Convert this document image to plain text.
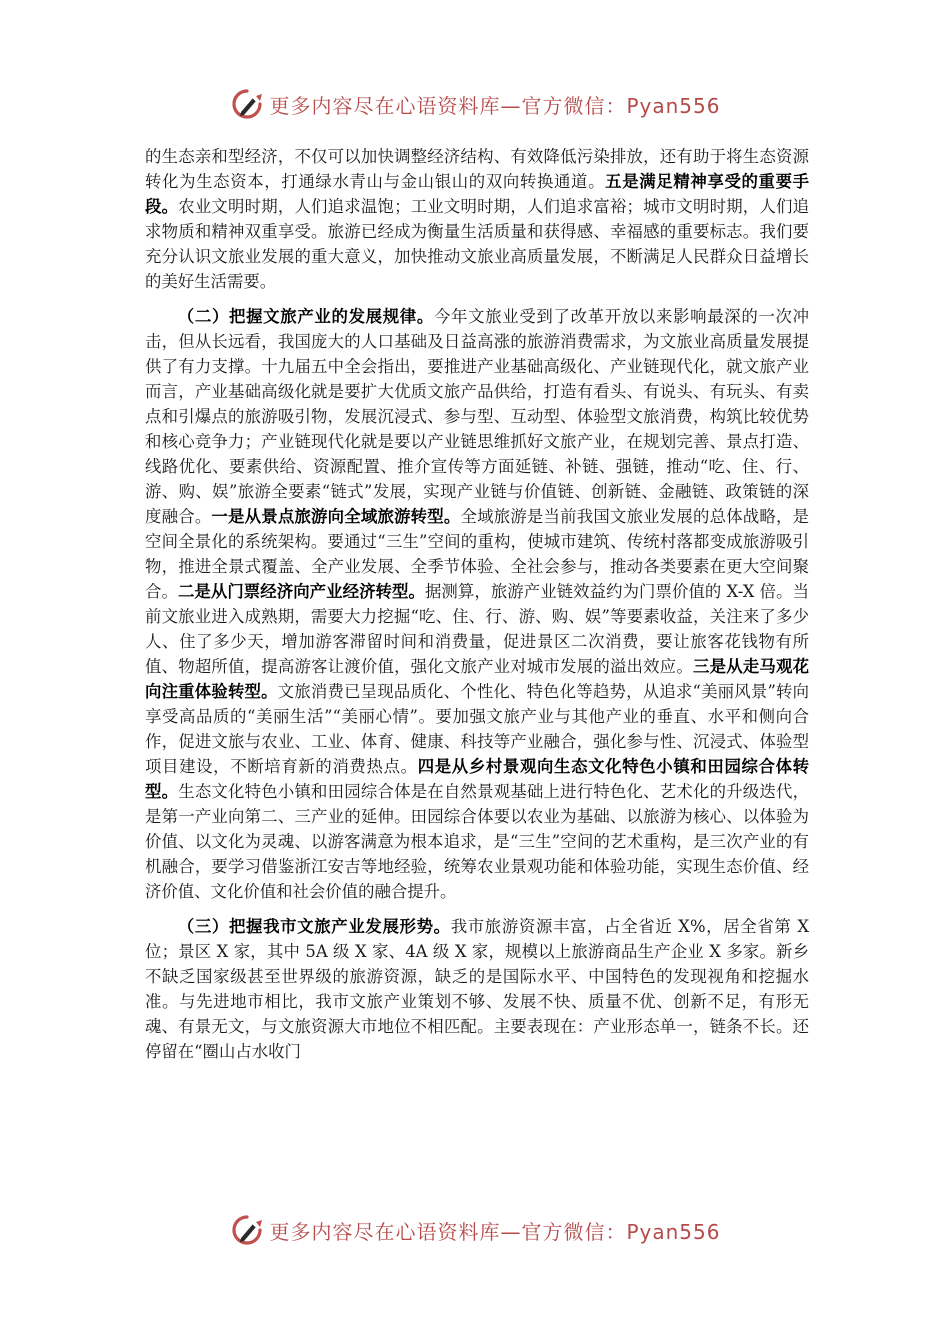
更多内容尽在心语资料库—官方微信：Pyan556

的生态亲和型经济，不仅可以加快调整经济结构、有效降低污染排放，还有助于将生态资源转化为生态资本，打通绿水青山与金山银山的双向转换通道。五是满足精神享受的重要手段。农业文明时期，人们追求温饱；工业文明时期，人们追求富裕；城市文明时期，人们追求物质和精神双重享受。旅游已经成为衡量生活质量和获得感、幸福感的重要标志。我们要充分认识文旅业发展的重大意义，加快推动文旅业高质量发展，不断满足人民群众日益增长的美好生活需要。

（二）把握文旅产业的发展规律。今年文旅业受到了改革开放以来影响最深的一次冲击，但从长远看，我国庞大的人口基础及日益高涨的旅游消费需求，为文旅业高质量发展提供了有力支撑。十九届五中全会指出，要推进产业基础高级化、产业链现代化，就文旅产业而言，产业基础高级化就是要扩大优质文旅产品供给，打造有看头、有说头、有玩头、有卖点和引爆点的旅游吸引物，发展沉浸式、参与型、互动型、体验型文旅消费，构筑比较优势和核心竞争力；产业链现代化就是要以产业链思维抓好文旅产业，在规划完善、景点打造、线路优化、要素供给、资源配置、推介宣传等方面延链、补链、强链，推动“吃、住、行、游、购、娱”旅游全要素“链式”发展，实现产业链与价值链、创新链、金融链、政策链的深度融合。一是从景点旅游向全域旅游转型。全域旅游是当前我国文旅业发展的总体战略，是空间全景化的系统架构。要通过“三生”空间的重构，使城市建筑、传统村落都变成旅游吸引物，推进全景式覆盖、全产业发展、全季节体验、全社会参与，推动各类要素在更大空间聚合。二是从门票经济向产业经济转型。据测算，旅游产业链效益约为门票价值的 X-X 倍。当前文旅业进入成熟期，需要大力挖掘“吃、住、行、游、购、娱”等要素收益，关注来了多少人、住了多少天，增加游客滞留时间和消费量，促进景区二次消费，要让旅客花钱物有所值、物超所值，提高游客让渡价值，强化文旅产业对城市发展的溢出效应。三是从走马观花向注重体验转型。文旅消费已呈现品质化、个性化、特色化等趋势，从追求“美丽风景”转向享受高品质的“美丽生活”“美丽心情”。要加强文旅产业与其他产业的垂直、水平和侧向合作，促进文旅与农业、工业、体育、健康、科技等产业融合，强化参与性、沉浸式、体验型项目建设，不断培育新的消费热点。四是从乡村景观向生态文化特色小镇和田园综合体转型。生态文化特色小镇和田园综合体是在自然景观基础上进行特色化、艺术化的升级迭代，是第一产业向第二、三产业的延伸。田园综合体要以农业为基础、以旅游为核心、以体验为价值、以文化为灵魂、以游客满意为根本追求，是“三生”空间的艺术重构，是三次产业的有机融合，要学习借鉴浙江安吉等地经验，统筹农业景观功能和体验功能，实现生态价值、经济价值、文化价值和社会价值的融合提升。

（三）把握我市文旅产业发展形势。我市旅游资源丰富，占全省近 X%，居全省第 X 位；景区 X 家，其中 5A 级 X 家、4A 级 X 家，规模以上旅游商品生产企业 X 多家。新乡不缺乏国家级甚至世界级的旅游资源，缺乏的是国际水平、中国特色的发现视角和挖掘水准。与先进地市相比，我市文旅产业策划不够、发展不快、质量不优、创新不足，有形无魂、有景无文，与文旅资源大市地位不相匹配。主要表现在：产业形态单一，链条不长。还停留在“圈山占水收门

更多内容尽在心语资料库—官方微信：Pyan556
